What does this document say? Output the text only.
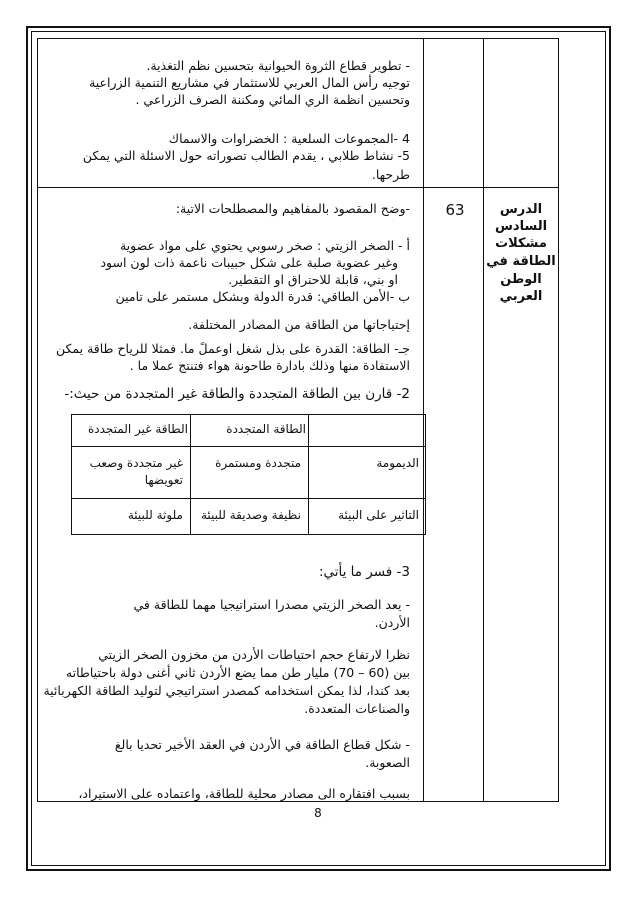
- تطوير قطاع الثروة الحيوانية بتحسين نظم التغذية.
توجيه رأس المال العربي للاستثمار في مشاريع التنمية الزراعية
وتحسين انظمة الري المائي ومكننة الصرف الزراعي .
4 -المجموعات السلعية : الخضراوات والاسماك
5- نشاط طلابي ، يقدم الطالب تصوراته حول الاسئلة التي يمكن
طرحها.
الدرس
السادس
مشكلات
الطاقة في
الوطن العربي
63
-وضح المقصود بالمفاهيم والمصطلحات الاتية:
أ - الصخر الزيتي : صخر رسوبي يحتوي على مواد عضوية
وغير عضوية صلبة على شكل حبيبات ناعمة ذات لون اسود
او بني، قابلة للاحتراق او التقطير.
ب -الأمن الطاقي: قدرة الدولة وبشكل مستمر على تامين
إحتياجاتها من الطاقة من المصادر المختلفة.
جـ- الطاقة: القدرة على بذل شغل اوعملً ما. فمثلا للرياح طاقة يمكن
الاستفادة منها وذلك بادارة طاحونة هواء فتنتج عملا ما .
2- قارن بين الطاقة المتجددة والطاقة غير المتجددة من حيث:-
الطاقة المتجددة
الطاقة غير المتجددة
الديمومة
متجددة ومستمرة
غير متجددة وصعب تعويضها
التاثير على البيئة
نظيفة وصديقة للبيئة
ملوثة للبيئة
3- فسر ما يأتي:
- يعد الصخر الزيتي مصدرا استراتيجيا مهما للطاقة في
الأردن.
نظرا لارتفاع حجم احتياطات الأردن من مخزون الصخر الزيتي
بين (60 – 70) مليار طن مما يضع الأردن ثاني أغنى دولة باحتياطاته
بعد كندا، لذا يمكن استخدامه كمصدر استراتيجي لتوليد الطاقة الكهربائية
والصناعات المتعددة.
- شكل قطاع الطاقة في الأردن في العقد الأخير تحديا بالغ
الصعوبة.
بسبب افتقاره الى مصادر محلية للطاقة، واعتماده على الاستيراد،
8
